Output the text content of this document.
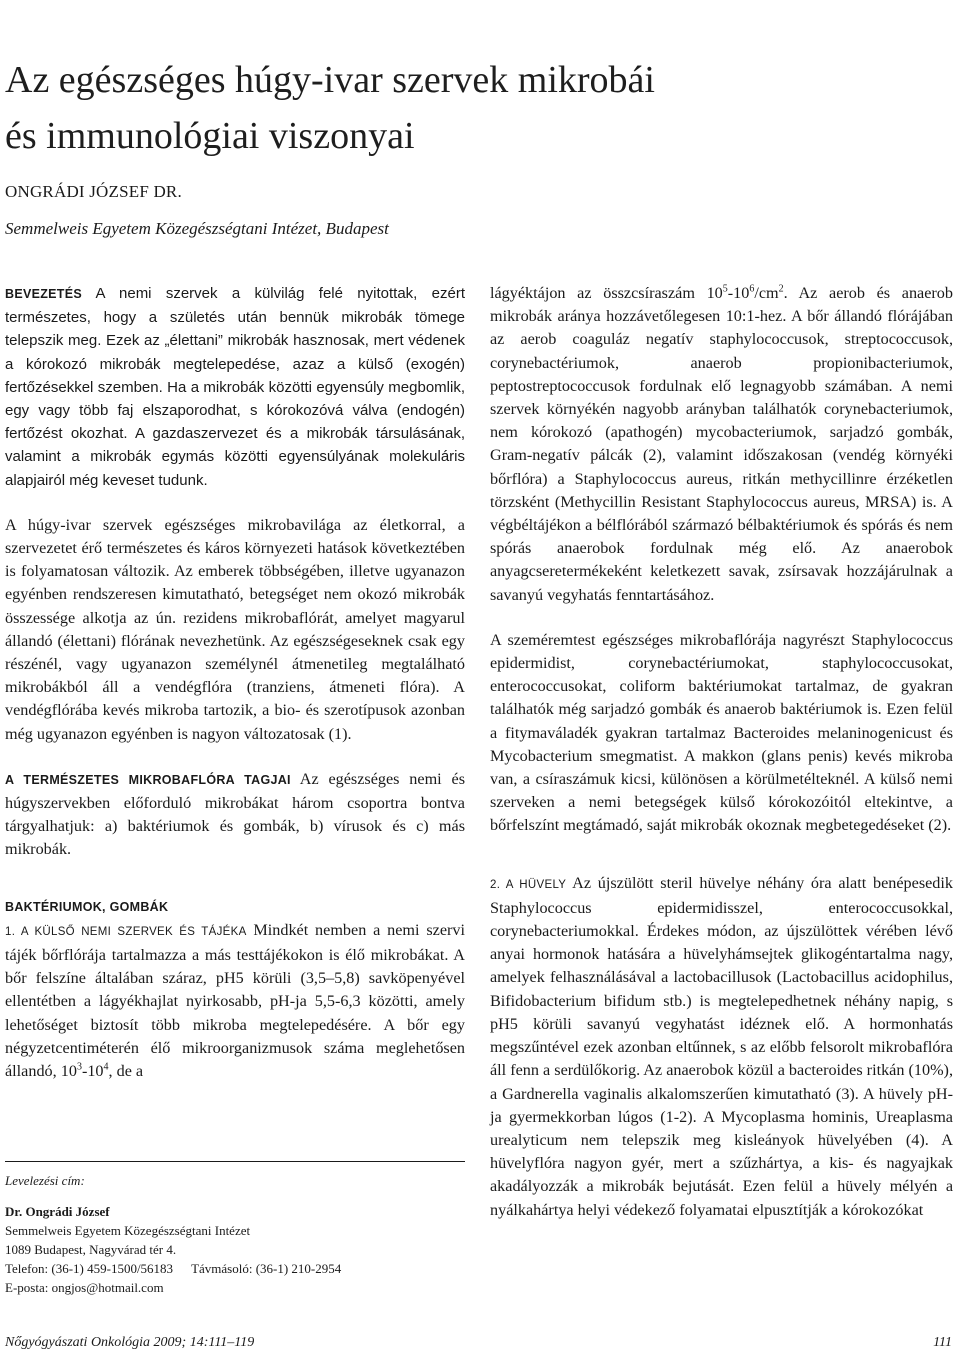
Az egészséges húgy-ivar szervek mikrobái
és immunológiai viszonyai
ONGRÁDI JÓZSEF DR.
Semmelweis Egyetem Közegészségtani Intézet, Budapest

BEVEZETÉS A nemi szervek a külvilág felé nyitottak, ezért természetes, hogy a születés után bennük mikrobák tömege telepszik meg. Ezek az „élettani” mikrobák hasznosak, mert védenek a kórokozó mikrobák megtelepedése, azaz a külső (exogén) fertőzésekkel szemben. Ha a mikrobák közötti egyensúly megbomlik, egy vagy több faj elszaporodhat, s kórokozóvá válva (endogén) fertőzést okozhat. A gazdaszervezet és a mikrobák társulásának, valamint a mikrobák egymás közötti egyensúlyának molekuláris alapjairól még keveset tudunk.

A húgy-ivar szervek egészséges mikrobavilága az életkorral, a szervezetet érő természetes és káros környezeti hatások következtében is folyamatosan változik. Az emberek többségében, illetve ugyanazon egyénben rendszeresen kimutatható, betegséget nem okozó mikrobák összessége alkotja az ún. rezidens mikrobaflórát, amelyet magyarul állandó (élettani) flórának nevezhetünk. Az egészségeseknek csak egy részénél, vagy ugyanazon személynél átmenetileg megtalálható mikrobákból áll a vendégflóra (tranziens, átmeneti flóra). A vendégflórába kevés mikroba tartozik, a bio- és szerotípusok azonban még ugyanazon egyénben is nagyon változatosak (1).

A TERMÉSZETES MIKROBAFLÓRA TAGJAI Az egészséges nemi és húgyszervekben előforduló mikrobákat három csoportra bontva tárgyalhatjuk: a) baktériumok és gombák, b) vírusok és c) más mikrobák.

BAKTÉRIUMOK, GOMBÁK

1. A KÜLSŐ NEMI SZERVEK ÉS TÁJÉKA Mindkét nemben a nemi szervi tájék bőrflórája tartalmazza a más testtájékokon is élő mikrobákat. A bőr felszíne általában száraz, pH5 körüli (3,5–5,8) savköpenyével ellentétben a lágyékhajlat nyirkosabb, pH-ja 5,5-6,3 közötti, amely lehetőséget biztosít több mikroba megtelepedésére. A bőr egy négyzetcentiméterén élő mikroorganizmusok száma meglehetősen állandó, $10^3-10^4$, de a

lágyéktájon az összcsíraszám $10^5-10^6/cm^2$. Az aerob és anaerob mikrobák aránya hozzávetőlegesen 10:1-hez. A bőr állandó flórájában az aerob coaguláz negatív staphylococcusok, streptococcusok, corynebactériumok, anaerob propionibacteriumok, peptostreptococcusok fordulnak elő legnagyobb számában. A nemi szervek környékén nagyobb arányban találhatók corynebacteriumok, nem kórokozó (apathogén) mycobacteriumok, sarjadzó gombák, Gram-negatív pálcák (2), valamint időszakosan (vendég környéki bőrflóra) a Staphylococcus aureus, ritkán methycillinre érzéketlen törzsként (Methycillin Resistant Staphylococcus aureus, MRSA) is. A végbéltájékon a bélflórából származó bélbaktériumok és spórás és nem spórás anaerobok fordulnak még elő. Az anaerobok anyagcseretermékeként keletkezett savak, zsírsavak hozzájárulnak a savanyú vegyhatás fenntartásához.

A szeméremtest egészséges mikrobaflórája nagyrészt Staphylococcus epidermidist, corynebactériumokat, staphylococcusokat, enterococcusokat, coliform baktériumokat tartalmaz, de gyakran találhatók még sarjadzó gombák és anaerob baktériumok is. Ezen felül a fitymaváladék gyakran tartalmaz Bacteroides melaninogenicust és Mycobacterium smegmatist. A makkon (glans penis) kevés mikroba van, a csíraszámuk kicsi, különösen a körülmetélteknél. A külső nemi szerveken a nemi betegségek külső kórokozóitól eltekintve, a bőrfelszínt megtámadó, saját mikrobák okoznak megbetegedéseket (2).

2. A HÜVELY Az újszülött steril hüvelye néhány óra alatt benépesedik Staphylococcus epidermidisszel, enterococcusokkal, corynebacteriumokkal. Érdekes módon, az újszülöttek vérében lévő anyai hormonok hatására a hüvelyhámsejtek glikogéntartalma nagy, amelyek felhasználásával a lactobacillusok (Lactobacillus acidophilus, Bifidobacterium bifidum stb.) is megtelepedhetnek néhány napig, s pH5 körüli savanyú vegyhatást idéznek elő. A hormonhatás megszűntével ezek azonban eltűnnek, s az előbb felsorolt mikrobaflóra áll fenn a serdülőkorig. Az anaerobok közül a bacteroides ritkán (10%), a Gardnerella vaginalis alkalomszerűen kimutatható (3). A hüvely pH-ja gyermekkorban lúgos (1-2). A Mycoplasma hominis, Ureaplasma urealyticum nem telepszik meg kisleányok hüvelyében (4). A hüvelyflóra nagyon gyér, mert a szűzhártya, a kis- és nagyajkak akadályozzák a mikrobák bejutását. Ezen felül a hüvely mélyén a nyálkahártya helyi védekező folyamatai elpusztítják a kórokozókat

Levelezési cím:
Dr. Ongrádi József
Semmelweis Egyetem Közegészségtani Intézet
1089 Budapest, Nagyvárad tér 4.
Telefon: (36-1) 459-1500/56183 Távmásoló: (36-1) 210-2954
E-posta: ongjos@hotmail.com
Nőgyógyászati Onkológia 2009; 14:111–119	111
